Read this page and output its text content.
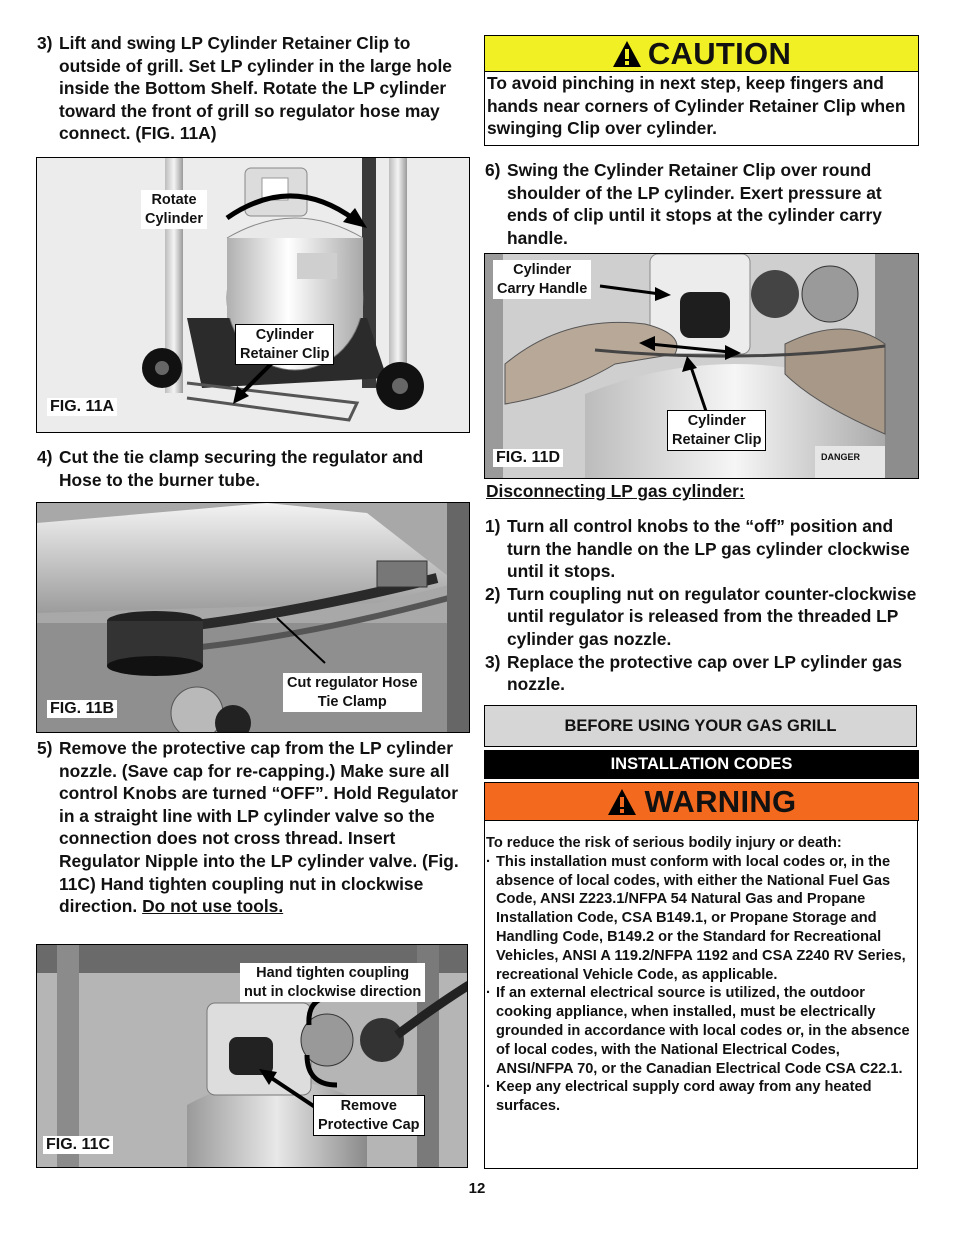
3) Lift and swing LP Cylinder Retainer Clip to outside of grill. Set LP cylinder in the large hole inside the Bottom Shelf. Rotate the LP cylinder toward the front of grill so regulator hose may connect. (FIG. 11A)
Rotate
Cylinder
Cylinder
Retainer Clip
FIG. 11A
4) Cut the tie clamp securing the regulator and Hose to the burner tube.
Cut regulator Hose
Tie Clamp
FIG. 11B
5) Remove the protective cap from the LP cylinder nozzle. (Save cap for re-capping.) Make sure all control Knobs are turned “OFF”. Hold Regulator in a straight line with LP cylinder valve so the connection does not cross thread. Insert Regulator Nipple into the LP cylinder valve. (Fig. 11C) Hand tighten coupling nut in clockwise direction. Do not use tools.
Hand tighten coupling
nut in clockwise direction
Remove
Protective Cap
FIG. 11C
CAUTION
To avoid pinching in next step, keep fingers and hands near corners of Cylinder Retainer Clip when swinging Clip over cylinder.
6) Swing the Cylinder Retainer Clip over round shoulder of the LP cylinder. Exert pressure at ends of clip until it stops at the cylinder carry handle.
Cylinder
Carry Handle
Cylinder
Retainer Clip
DANGER
FIG. 11D
Disconnecting LP gas cylinder:
1) Turn all control knobs to the “off” position and turn the handle on the LP gas cylinder clockwise until it stops.
2) Turn coupling nut on regulator counter-clockwise until regulator is released from the threaded LP cylinder gas nozzle.
3) Replace the protective cap over LP cylinder gas nozzle.
BEFORE USING YOUR GAS GRILL
INSTALLATION CODES
WARNING
To reduce the risk of serious bodily injury or death:
· This installation must conform with local codes or, in the absence of local codes, with either the National Fuel Gas Code, ANSI Z223.1/NFPA 54 Natural Gas and Propane Installation Code, CSA B149.1, or Propane Storage and Handling Code, B149.2 or the Standard for Recreational Vehicles, ANSI A 119.2/NFPA 1192 and CSA Z240 RV Series, recreational Vehicle Code, as applicable.
· If an external electrical source is utilized, the outdoor cooking appliance, when installed, must be electrically grounded in accordance with local codes or, in the absence of local codes, with the National Electrical Codes, ANSI/NFPA 70, or the Canadian Electrical Code CSA C22.1.
· Keep any electrical supply cord away from any heated surfaces.
12
